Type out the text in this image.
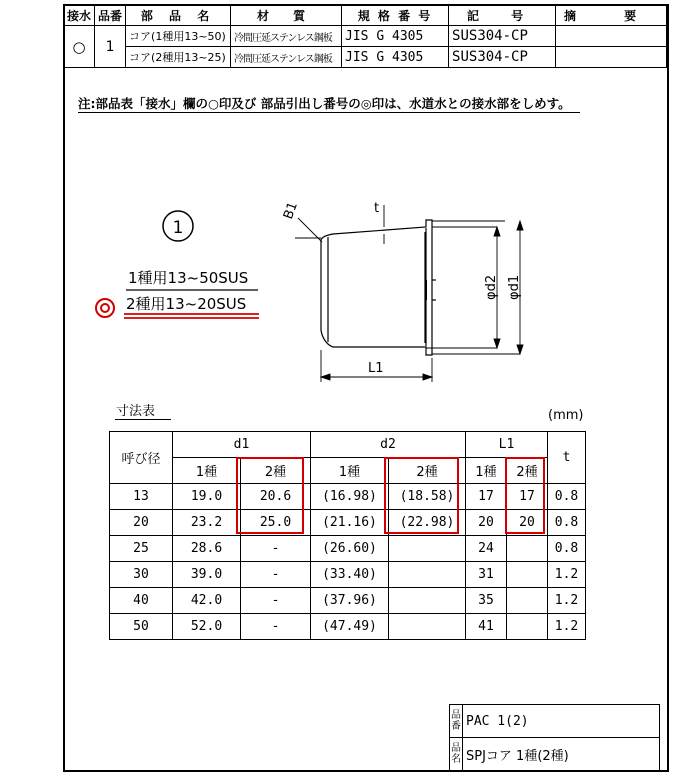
接水	品番	部 品 名	材 質	規 格 番 号	記 号	摘 要
○	1	コア(1種用13~50)	冷間圧延ステンレス鋼板	JIS G 4305	SUS304-CP	
		コア(2種用13~25)	冷間圧延ステンレス鋼板	JIS G 4305	SUS304-CP	
注:部品表「接水」欄の○印及び 部品引出し番号の◎印は、水道水との接水部をしめす。
1
1種用13~50SUS
2種用13~20SUS
B1	t
φd2 φd1
L1
寸法表	(mm)
呼び径	d1		d2		L1		t
	1種	2種	1種	2種	1種	2種	
13	19.0	20.6	(16.98)	(18.58)	17	17	0.8
20	23.2	25.0	(21.16)	(22.98)	20	20	0.8
25	28.6	-	(26.60)		24		0.8
30	39.0	-	(33.40)		31		1.2
40	42.0	-	(37.96)		35		1.2
50	52.0	-	(47.49)		41		1.2
品番	PAC 1(2)
品名	SPJコア 1種(2種)
